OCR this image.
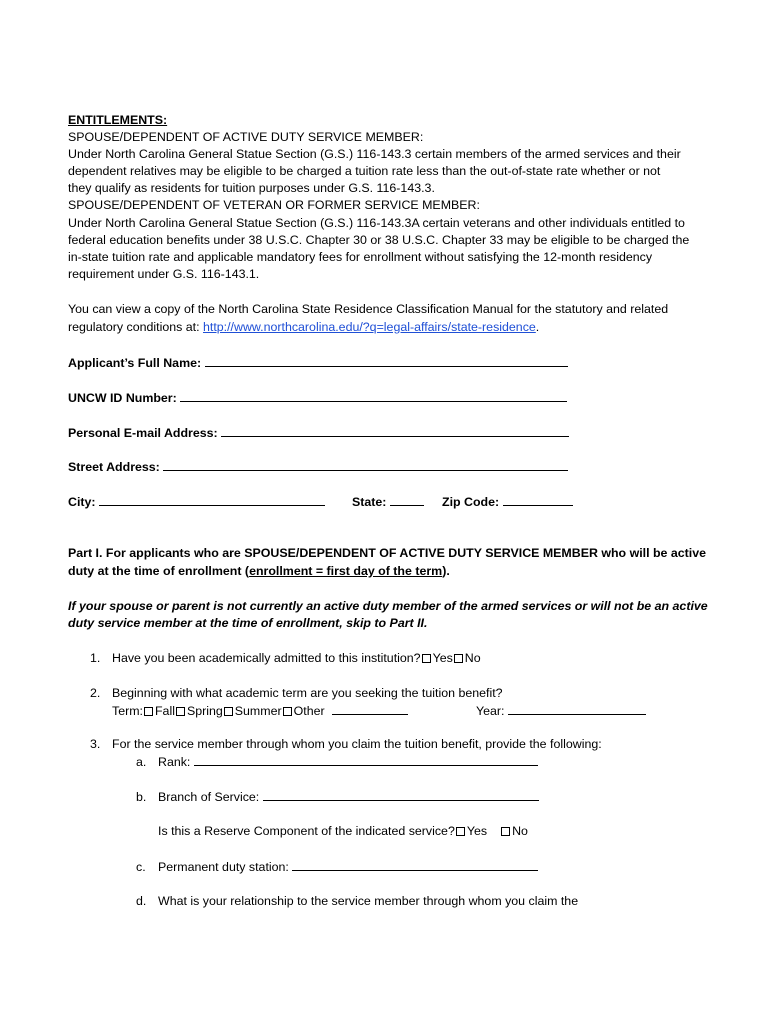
ENTITLEMENTS:
SPOUSE/DEPENDENT OF ACTIVE DUTY SERVICE MEMBER:
Under North Carolina General Statue Section (G.S.) 116-143.3 certain members of the armed services and their
dependent relatives may be eligible to be charged a tuition rate less than the out-of-state rate whether or not
they qualify as residents for tuition purposes under G.S. 116-143.3.
SPOUSE/DEPENDENT OF VETERAN OR FORMER SERVICE MEMBER:
Under North Carolina General Statue Section (G.S.) 116-143.3A certain veterans and other individuals entitled to
federal education benefits under 38 U.S.C. Chapter 30 or 38 U.S.C. Chapter 33 may be eligible to be charged the
in-state tuition rate and applicable mandatory fees for enrollment without satisfying the 12-month residency
requirement under G.S. 116-143.1.
You can view a copy of the North Carolina State Residence Classification Manual for the statutory and related
regulatory conditions at: http://www.northcarolina.edu/?q=legal-affairs/state-residence.
Applicant’s Full Name:
UNCW ID Number:
Personal E-mail Address:
Street Address:
City:	State:	Zip Code:
Part I. For applicants who are SPOUSE/DEPENDENT OF ACTIVE DUTY SERVICE MEMBER who will be active
duty at the time of enrollment (enrollment = first day of the term).
If your spouse or parent is not currently an active duty member of the armed services or will not be an active
duty service member at the time of enrollment, skip to Part II.
1. Have you been academically admitted to this institution? Yes No
2. Beginning with what academic term are you seeking the tuition benefit?
Term: Fall Spring Summer Other	Year:
3. For the service member through whom you claim the tuition benefit, provide the following:
a. Rank:
b. Branch of Service:
Is this a Reserve Component of the indicated service? Yes No
c. Permanent duty station:
d. What is your relationship to the service member through whom you claim the
